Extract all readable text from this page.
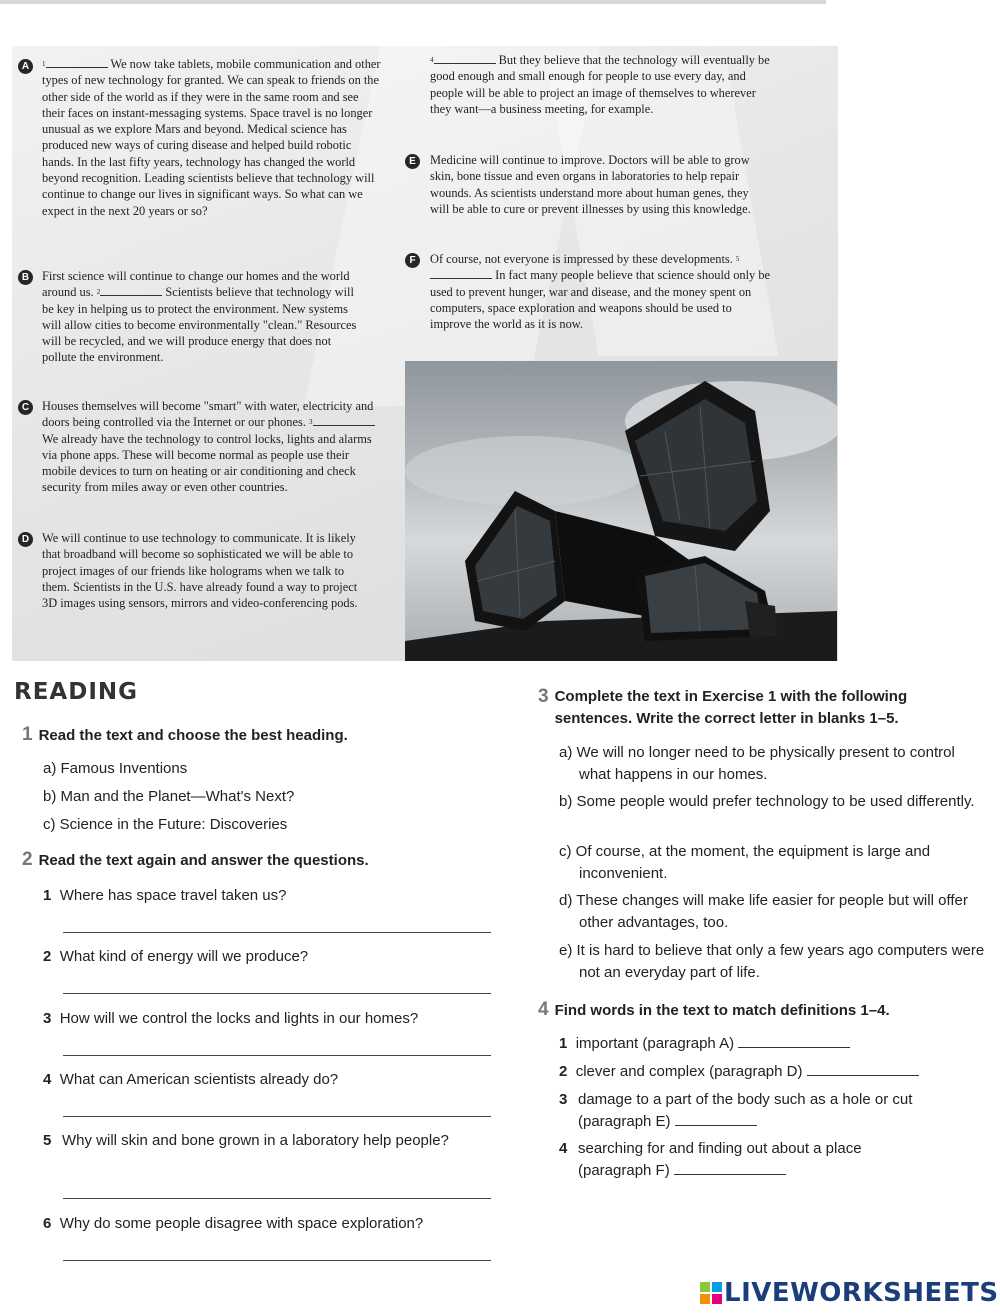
A	$^1$	We now take tablets, mobile communication and other types of new technology for granted. We can speak to friends on the other side of the world as if they were in the same room and see their faces on instant-messaging systems. Space travel is no longer unusual as we explore Mars and beyond. Medical science has produced new ways of curing disease and helped build robotic hands. In the last fifty years, technology has changed the world beyond recognition. Leading scientists believe that technology will continue to change our lives in significant ways. So what can we expect in the next 20 years or so?
B	First science will continue to change our homes and the world around us. $^2$	Scientists believe that technology will be key in helping us to protect the environment. New systems will allow cities to become environmentally "clean." Resources will be recycled, and we will produce energy that does not pollute the environment.
C	Houses themselves will become "smart" with water, electricity and doors being controlled via the Internet or our phones. $^3$ We already have the technology to control locks, lights and alarms via phone apps. These will become normal as people use their mobile devices to turn on heating or air conditioning and check security from miles away or even other countries.
D	We will continue to use technology to communicate. It is likely that broadband will become so sophisticated we will be able to project images of our friends like holograms when we talk to them. Scientists in the U.S. have already found a way to project 3D images using sensors, mirrors and video-conferencing pods.
$^4$	But they believe that the technology will eventually be good enough and small enough for people to use every day, and people will be able to project an image of themselves to wherever they want—a business meeting, for example.
E	Medicine will continue to improve. Doctors will be able to grow skin, bone tissue and even organs in laboratories to help repair wounds. As scientists understand more about human genes, they will be able to cure or prevent illnesses by using this knowledge.
F	Of course, not everyone is impressed by these developments. $^5$ In fact many people believe that science should only be used to prevent hunger, war and disease, and the money spent on computers, space exploration and weapons should be used to improve the world as it is now.
READING
1 Read the text and choose the best heading.
a) Famous Inventions
b) Man and the Planet—What's Next?
c) Science in the Future: Discoveries
2 Read the text again and answer the questions.
1 Where has space travel taken us?
2 What kind of energy will we produce?
3 How will we control the locks and lights in our homes?
4 What can American scientists already do?
5 Why will skin and bone grown in a laboratory help people?
6 Why do some people disagree with space exploration?
3 Complete the text in Exercise 1 with the following sentences. Write the correct letter in blanks 1–5.
a) We will no longer need to be physically present to control what happens in our homes.
b) Some people would prefer technology to be used differently.
c) Of course, at the moment, the equipment is large and inconvenient.
d) These changes will make life easier for people but will offer other advantages, too.
e) It is hard to believe that only a few years ago computers were not an everyday part of life.
4 Find words in the text to match definitions 1–4.
1 important (paragraph A)
2 clever and complex (paragraph D)
3 damage to a part of the body such as a hole or cut (paragraph E)
4 searching for and finding out about a place (paragraph F)
LIVEWORKSHEETS
